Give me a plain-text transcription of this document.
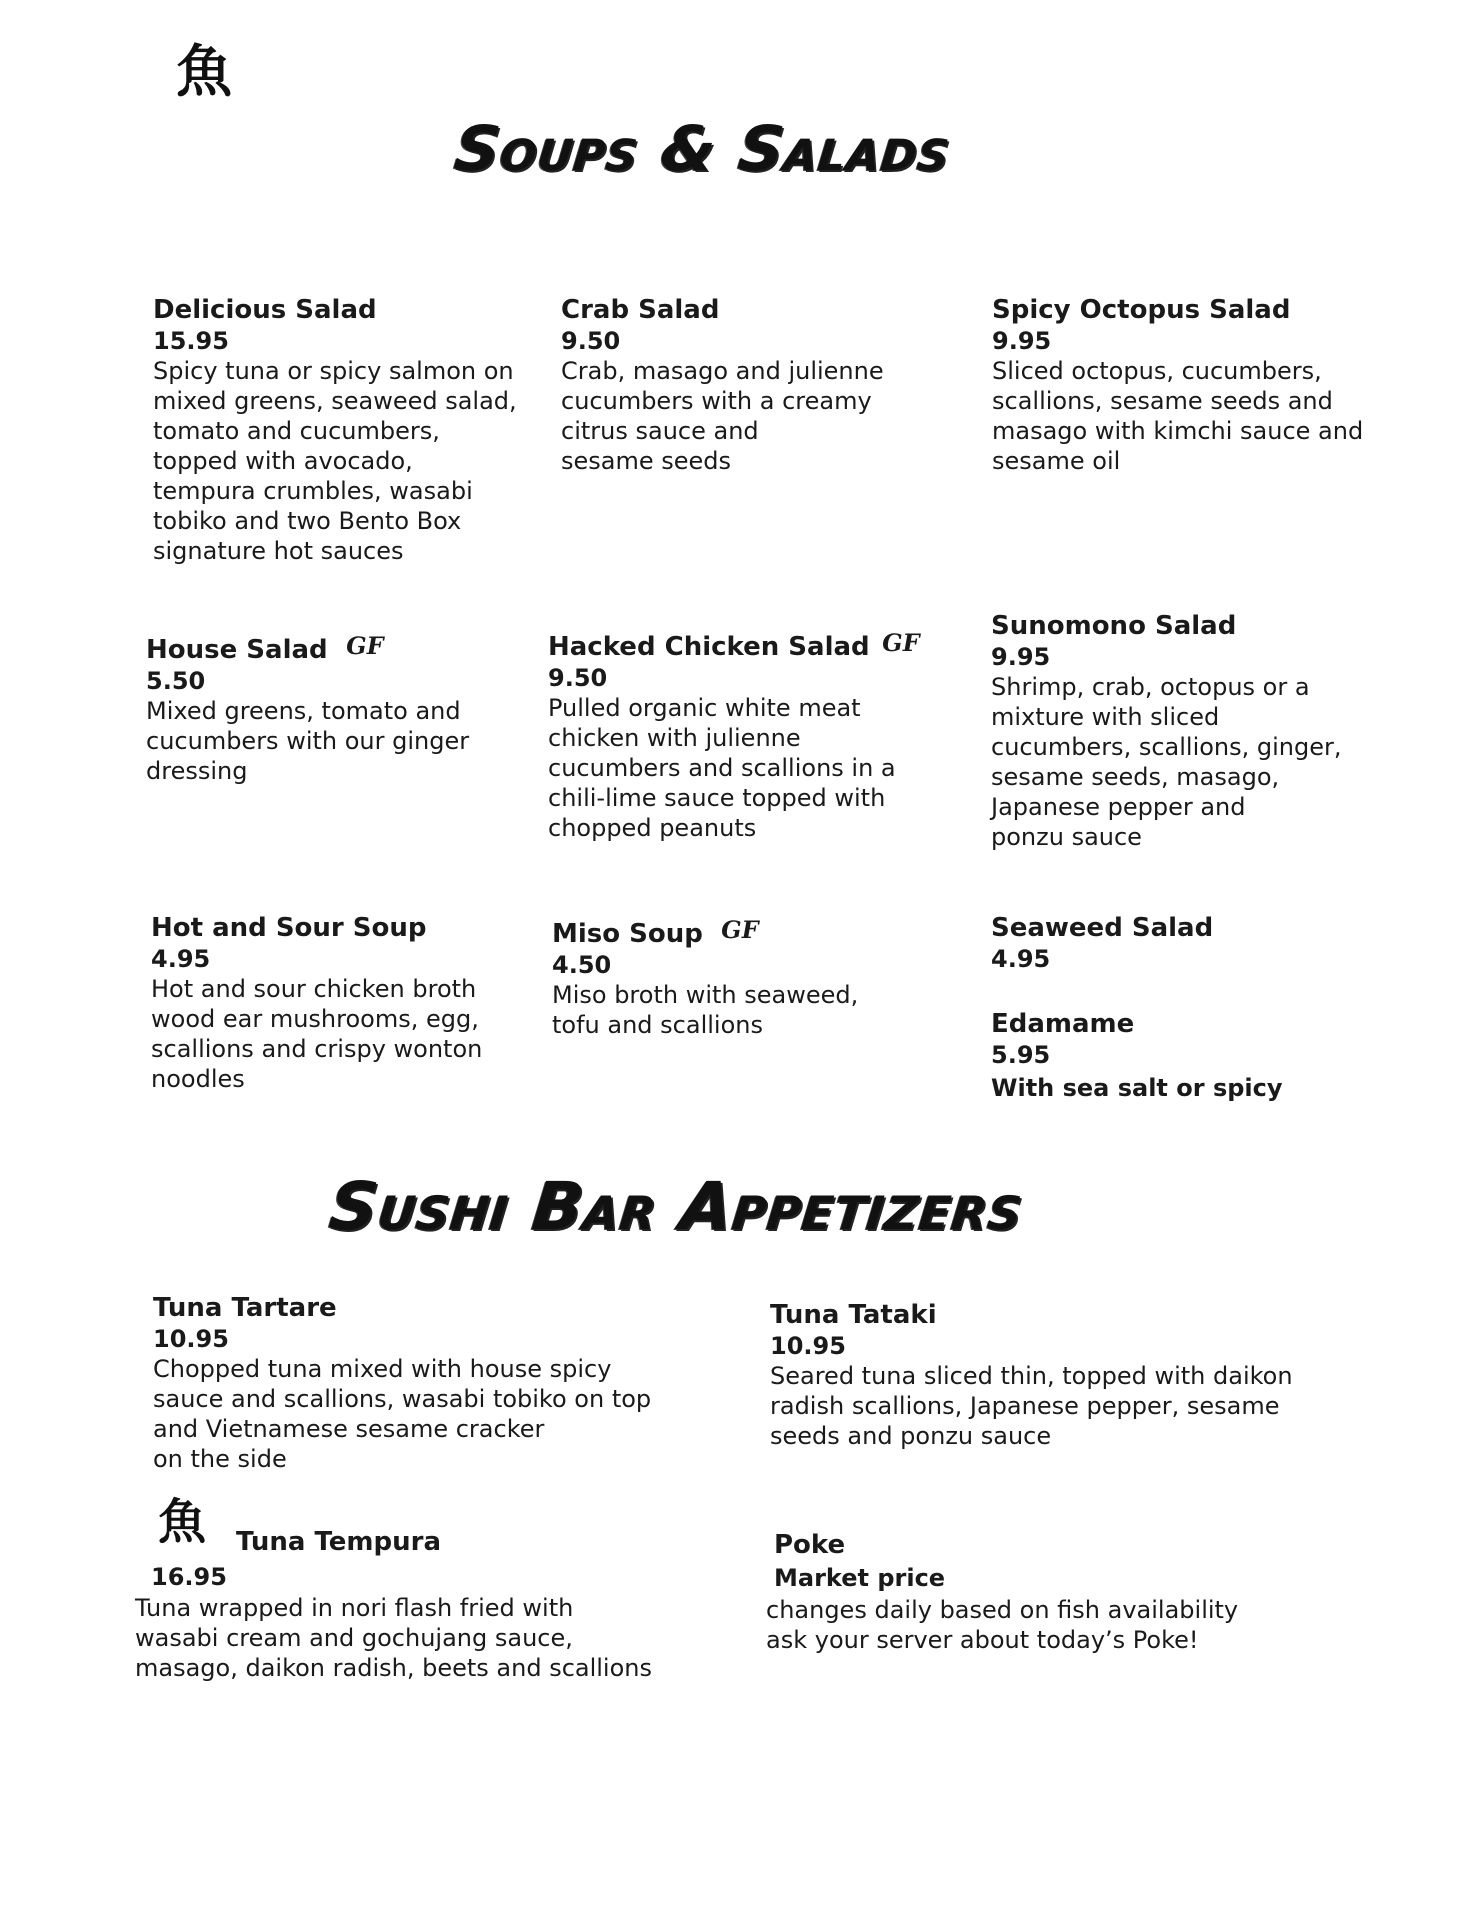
魚
Soups & Salads
Delicious Salad
15.95
Spicy tuna or spicy salmon on
mixed greens, seaweed salad,
tomato and cucumbers,
topped with avocado,
tempura crumbles, wasabi
tobiko and two Bento Box
signature hot sauces
Crab Salad
9.50
Crab, masago and julienne
cucumbers with a creamy
citrus sauce and
sesame seeds
Spicy Octopus Salad
9.95
Sliced octopus, cucumbers,
scallions, sesame seeds and
masago with kimchi sauce and
sesame oil
House Salad GF
5.50
Mixed greens, tomato and
cucumbers with our ginger
dressing
Hacked Chicken Salad GF
9.50
Pulled organic white meat
chicken with julienne
cucumbers and scallions in a
chili-lime sauce topped with
chopped peanuts
Sunomono Salad
9.95
Shrimp, crab, octopus or a
mixture with sliced
cucumbers, scallions, ginger,
sesame seeds, masago,
Japanese pepper and
ponzu sauce
Hot and Sour Soup
4.95
Hot and sour chicken broth
wood ear mushrooms, egg,
scallions and crispy wonton
noodles
Miso Soup GF
4.50
Miso broth with seaweed,
tofu and scallions
Seaweed Salad
4.95
Edamame
5.95
With sea salt or spicy
Sushi Bar Appetizers
Tuna Tartare
10.95
Chopped tuna mixed with house spicy
sauce and scallions, wasabi tobiko on top
and Vietnamese sesame cracker
on the side
Tuna Tataki
10.95
Seared tuna sliced thin, topped with daikon
radish scallions, Japanese pepper, sesame
seeds and ponzu sauce
魚 Tuna Tempura
16.95
Tuna wrapped in nori flash fried with
wasabi cream and gochujang sauce,
masago, daikon radish, beets and scallions
Poke
Market price
changes daily based on fish availability
ask your server about today’s Poke!
